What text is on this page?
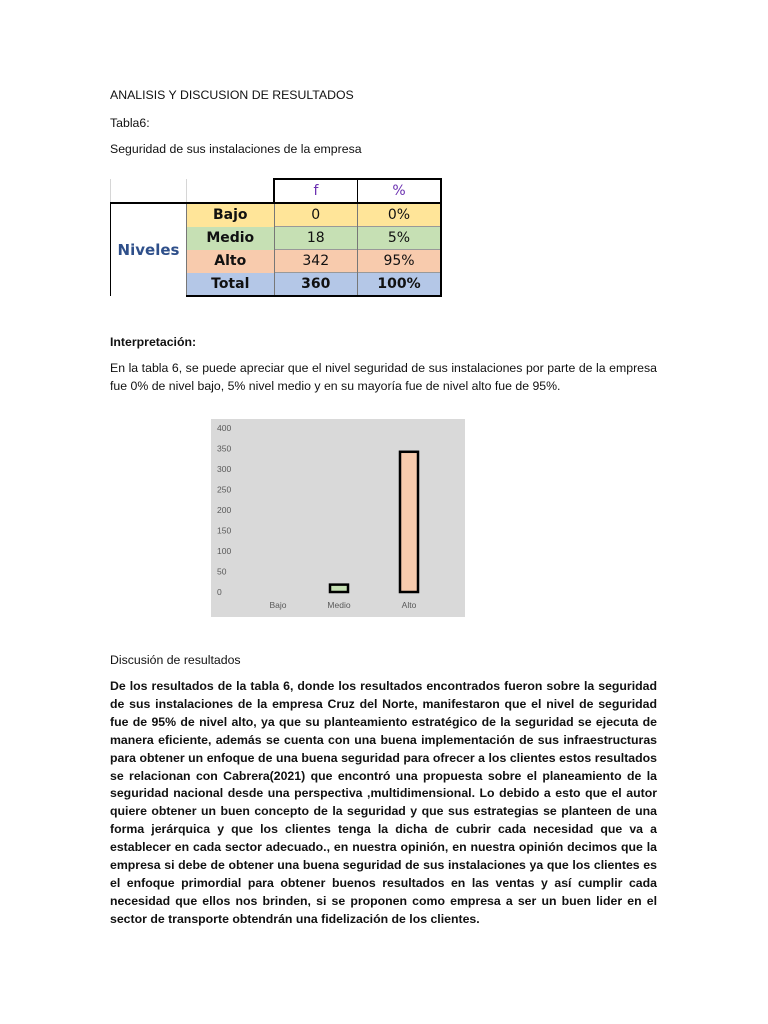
ANALISIS Y DISCUSION DE RESULTADOS

Tabla6:

Seguridad de sus instalaciones de la empresa

		f	%
Niveles	Bajo	0	0%
	Medio	18	5%
	Alto	342	95%
	Total	360	100%

Interpretación:

En la tabla 6, se puede apreciar que el nivel seguridad de sus instalaciones por parte de la empresa fue 0% de nivel bajo, 5% nivel medio y en su mayoría fue de nivel alto fue de 95%.

0
50
100
150
200
250
300
350
400
Bajo	Medio	Alto

Discusión de resultados

De los resultados de la tabla 6, donde los resultados encontrados fueron sobre la seguridad de sus instalaciones de la empresa Cruz del Norte, manifestaron que el nivel de seguridad fue de 95% de nivel alto, ya que su planteamiento estratégico de la seguridad se ejecuta de manera eficiente, además se cuenta con una buena implementación de sus infraestructuras para obtener un enfoque de una buena seguridad para ofrecer a los clientes estos resultados se relacionan con Cabrera(2021) que encontró una propuesta sobre el planeamiento de la seguridad nacional desde una perspectiva ,multidimensional. Lo debido a esto que el autor quiere obtener un buen concepto de la seguridad y que sus estrategias se planteen de una forma jerárquica y que los clientes tenga la dicha de cubrir cada necesidad que va a establecer en cada sector adecuado., en nuestra opinión, en nuestra opinión decimos que la empresa si debe de obtener una buena seguridad de sus instalaciones ya que los clientes es el enfoque primordial para obtener buenos resultados en las ventas y así cumplir cada necesidad que ellos nos brinden, si se proponen como empresa a ser un buen lider en el sector de transporte obtendrán una fidelización de los clientes.
